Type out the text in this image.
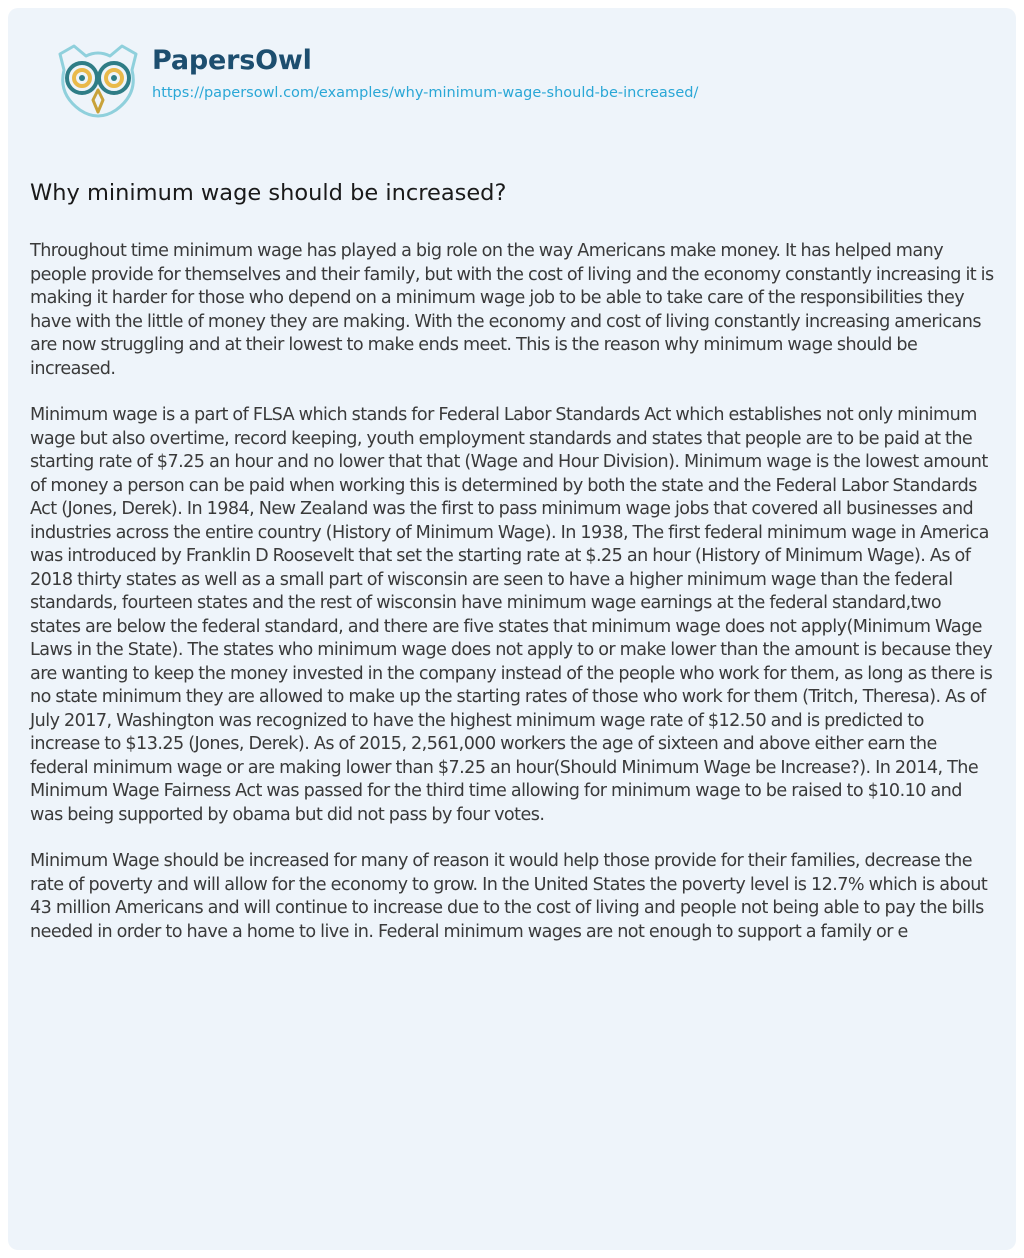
PapersOwl
https://papersowl.com/examples/why-minimum-wage-should-be-increased/
Why minimum wage should be increased?

Throughout time minimum wage has played a big role on the way Americans make money. It has helped many people provide for themselves and their family, but with the cost of living and the economy constantly increasing it is making it harder for those who depend on a minimum wage job to be able to take care of the responsibilities they have with the little of money they are making. With the economy and cost of living constantly increasing americans are now struggling and at their lowest to make ends meet. This is the reason why minimum wage should be increased.

Minimum wage is a part of FLSA which stands for Federal Labor Standards Act which establishes not only minimum wage but also overtime, record keeping, youth employment standards and states that people are to be paid at the starting rate of $7.25 an hour and no lower that that (Wage and Hour Division). Minimum wage is the lowest amount of money a person can be paid when working this is determined by both the state and the Federal Labor Standards Act (Jones, Derek). In 1984, New Zealand was the first to pass minimum wage jobs that covered all businesses and industries across the entire country (History of Minimum Wage). In 1938, The first federal minimum wage in America was introduced by Franklin D Roosevelt that set the starting rate at $.25 an hour (History of Minimum Wage). As of 2018 thirty states as well as a small part of wisconsin are seen to have a higher minimum wage than the federal standards, fourteen states and the rest of wisconsin have minimum wage earnings at the federal standard,two states are below the federal standard, and there are five states that minimum wage does not apply(Minimum Wage Laws in the State). The states who minimum wage does not apply to or make lower than the amount is because they are wanting to keep the money invested in the company instead of the people who work for them, as long as there is no state minimum they are allowed to make up the starting rates of those who work for them (Tritch, Theresa). As of July 2017, Washington was recognized to have the highest minimum wage rate of $12.50 and is predicted to increase to $13.25 (Jones, Derek). As of 2015, 2,561,000 workers the age of sixteen and above either earn the federal minimum wage or are making lower than $7.25 an hour(Should Minimum Wage be Increase?). In 2014, The Minimum Wage Fairness Act was passed for the third time allowing for minimum wage to be raised to $10.10 and was being supported by obama but did not pass by four votes.

Minimum Wage should be increased for many of reason it would help those provide for their families, decrease the rate of poverty and will allow for the economy to grow. In the United States the poverty level is 12.7% which is about 43 million Americans and will continue to increase due to the cost of living and people not being able to pay the bills needed in order to have a home to live in. Federal minimum wages are not enough to support a family or e
